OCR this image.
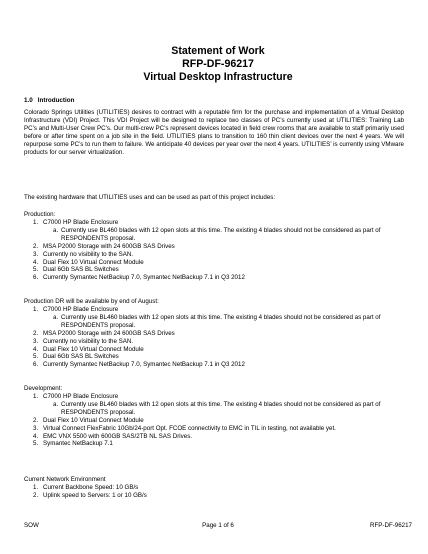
Statement of Work
RFP-DF-96217
Virtual Desktop Infrastructure
1.0 Introduction
Colorado Springs Utilities (UTILITIES) desires to contract with a reputable firm for the purchase and implementation of a Virtual Desktop Infrastructure (VDI) Project. This VDI Project will be designed to replace two classes of PC’s currently used at UTILITIES: Training Lab PC’s and Multi-User Crew PC’s. Our multi-crew PC’s represent devices located in field crew rooms that are available to staff primarily used before or after time spent on a job site in the field. UTILITIES plans to transition to 160 thin client devices over the next 4 years. We will repurpose some PC’s to run them to failure. We anticipate 40 devices per year over the next 4 years. UTILITIES’ is currently using VMware products for our server virtualization.
The existing hardware that UTILITIES uses and can be used as part of this project includes:
Production:
1. C7000 HP Blade Enclosure
a. Currently use BL460 blades with 12 open slots at this time. The existing 4 blades should not be considered as part of RESPONDENTS proposal.
2. MSA P2000 Storage with 24 600GB SAS Drives
3. Currently no visibility to the SAN.
4. Dual Flex 10 Virtual Connect Module
5. Dual 6Gb SAS BL Switches
6. Currently Symantec NetBackup 7.0, Symantec NetBackup 7.1 in Q3 2012
Production DR will be available by end of August:
1. C7000 HP Blade Enclosure
a. Currently use BL460 blades with 12 open slots at this time. The existing 4 blades should not be considered as part of RESPONDENTS proposal.
2. MSA P2000 Storage with 24 600GB SAS Drives
3. Currently no visibility to the SAN.
4. Dual Flex 10 Virtual Connect Module
5. Dual 6Gb SAS BL Switches
6. Currently Symantec NetBackup 7.0, Symantec NetBackup 7.1 in Q3 2012
Development:
1. C7000 HP Blade Enclosure
a. Currently use BL460 blades with 12 open slots at this time. The existing 4 blades should not be considered as part of RESPONDENTS proposal.
2. Dual Flex 10 Virtual Connect Module
3. Virtual Connect FlexFabric 10Gb/24-port Opt. FCOE connectivity to EMC in TIL in testing, not available yet.
4. EMC VNX 5500 with 600GB SAS/2TB NL SAS Drives.
5. Symantec NetBackup 7.1
Current Network Environment
1. Current Backbone Speed: 10 GB/s
2. Uplink speed to Servers: 1 or 10 GB/s
SOW	Page 1 of 6	RFP-DF-96217
